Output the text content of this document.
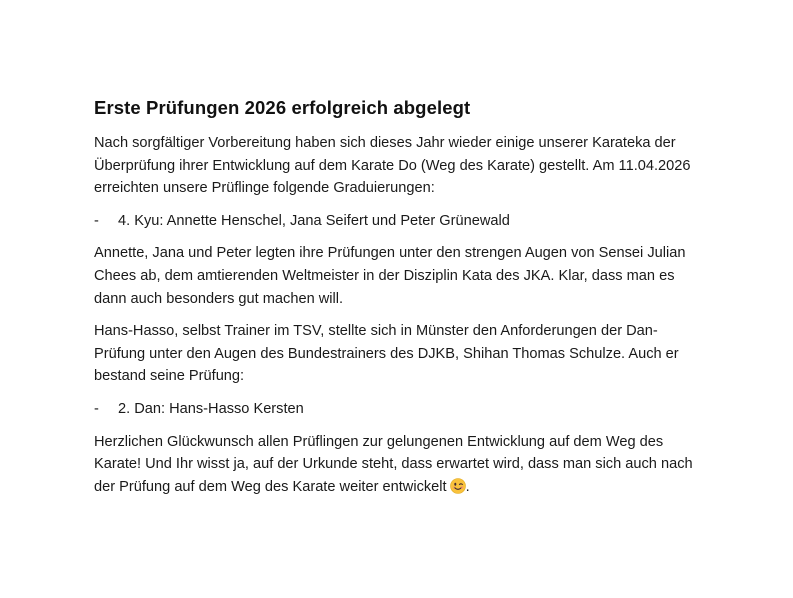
Erste Prüfungen 2026 erfolgreich abgelegt

Nach sorgfältiger Vorbereitung haben sich dieses Jahr wieder einige unserer Karateka der Überprüfung ihrer Entwicklung auf dem Karate Do (Weg des Karate) gestellt. Am 11.04.2026 erreichten unsere Prüflinge folgende Graduierungen:

-	4. Kyu: Annette Henschel, Jana Seifert und Peter Grünewald

Annette, Jana und Peter legten ihre Prüfungen unter den strengen Augen von Sensei Julian Chees ab, dem amtierenden Weltmeister in der Disziplin Kata des JKA. Klar, dass man es dann auch besonders gut machen will.

Hans-Hasso, selbst Trainer im TSV, stellte sich in Münster den Anforderungen der Dan-Prüfung unter den Augen des Bundestrainers des DJKB, Shihan Thomas Schulze. Auch er bestand seine Prüfung:

-	2. Dan: Hans-Hasso Kersten

Herzlichen Glückwunsch allen Prüflingen zur gelungenen Entwicklung auf dem Weg des Karate! Und Ihr wisst ja, auf der Urkunde steht, dass erwartet wird, dass man sich auch nach der Prüfung auf dem Weg des Karate weiter entwickelt .
